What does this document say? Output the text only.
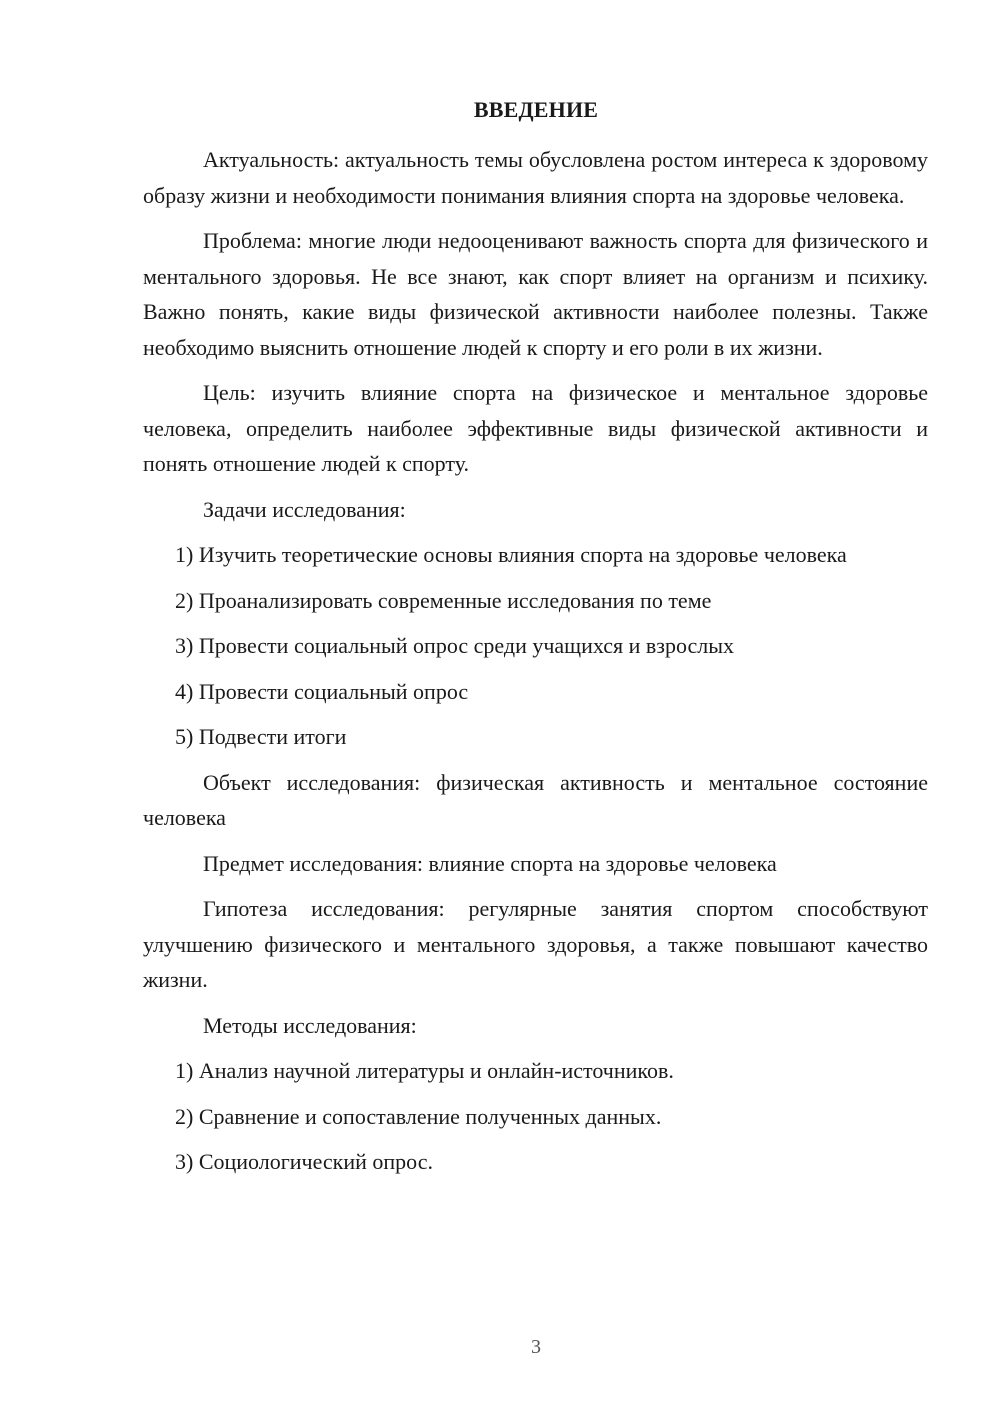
ВВЕДЕНИЕ

Актуальность: актуальность темы обусловлена ростом интереса к здоровому образу жизни и необходимости понимания влияния спорта на здоровье человека.

Проблема: многие люди недооценивают важность спорта для физического и ментального здоровья. Не все знают, как спорт влияет на организм и психику. Важно понять, какие виды физической активности наиболее полезны. Также необходимо выяснить отношение людей к спорту и его роли в их жизни.

Цель: изучить влияние спорта на физическое и ментальное здоровье человека, определить наиболее эффективные виды физической активности и понять отношение людей к спорту.

Задачи исследования:

1) Изучить теоретические основы влияния спорта на здоровье человека

2) Проанализировать современные исследования по теме

3) Провести социальный опрос среди учащихся и взрослых

4) Провести социальный опрос

5) Подвести итоги

Объект исследования: физическая активность и ментальное состояние человека

Предмет исследования: влияние спорта на здоровье человека

Гипотеза исследования: регулярные занятия спортом способствуют улучшению физического и ментального здоровья, а также повышают качество жизни.

Методы исследования:

1) Анализ научной литературы и онлайн-источников.

2) Сравнение и сопоставление полученных данных.

3) Социологический опрос.

3
